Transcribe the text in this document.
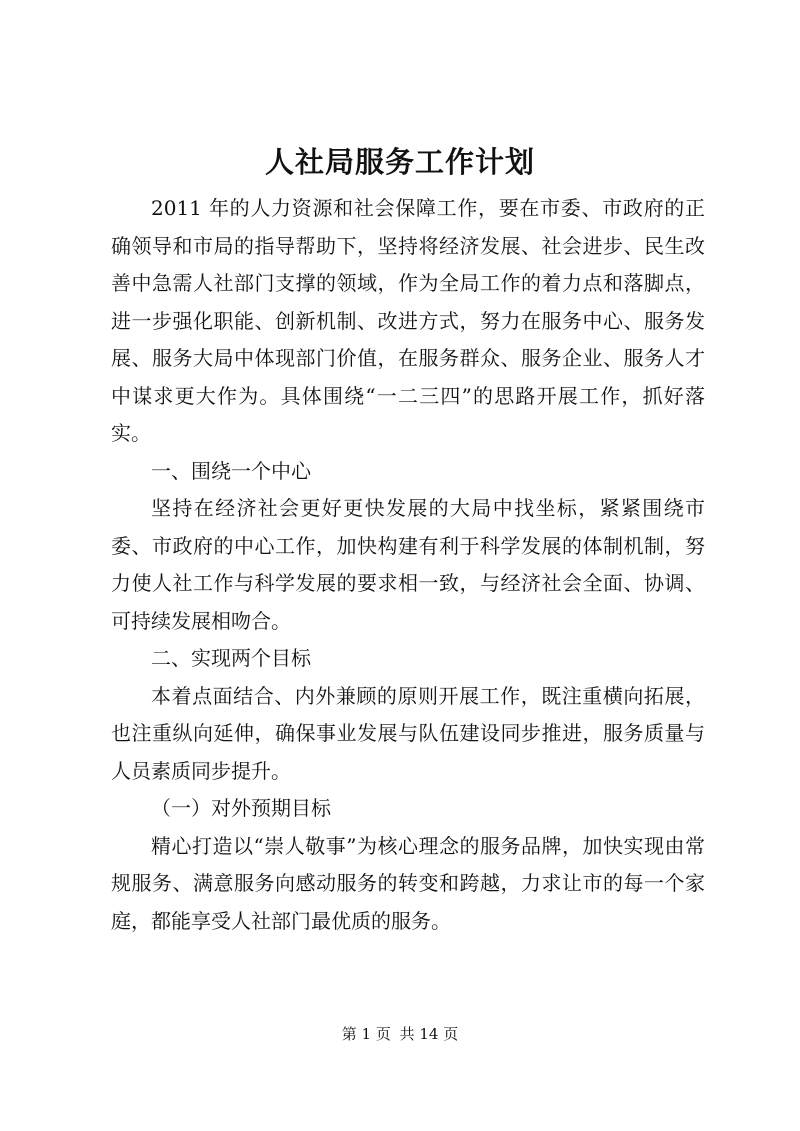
人社局服务工作计划

2011 年的人力资源和社会保障工作，要在市委、市政府的正确领导和市局的指导帮助下，坚持将经济发展、社会进步、民生改善中急需人社部门支撑的领域，作为全局工作的着力点和落脚点，进一步强化职能、创新机制、改进方式，努力在服务中心、服务发展、服务大局中体现部门价值，在服务群众、服务企业、服务人才中谋求更大作为。具体围绕“一二三四”的思路开展工作，抓好落实。

一、围绕一个中心

坚持在经济社会更好更快发展的大局中找坐标，紧紧围绕市委、市政府的中心工作，加快构建有利于科学发展的体制机制，努力使人社工作与科学发展的要求相一致，与经济社会全面、协调、可持续发展相吻合。

二、实现两个目标

本着点面结合、内外兼顾的原则开展工作，既注重横向拓展，也注重纵向延伸，确保事业发展与队伍建设同步推进，服务质量与人员素质同步提升。

（一）对外预期目标

精心打造以“崇人敬事”为核心理念的服务品牌，加快实现由常规服务、满意服务向感动服务的转变和跨越，力求让市的每一个家庭，都能享受人社部门最优质的服务。

第 1 页 共 14 页
